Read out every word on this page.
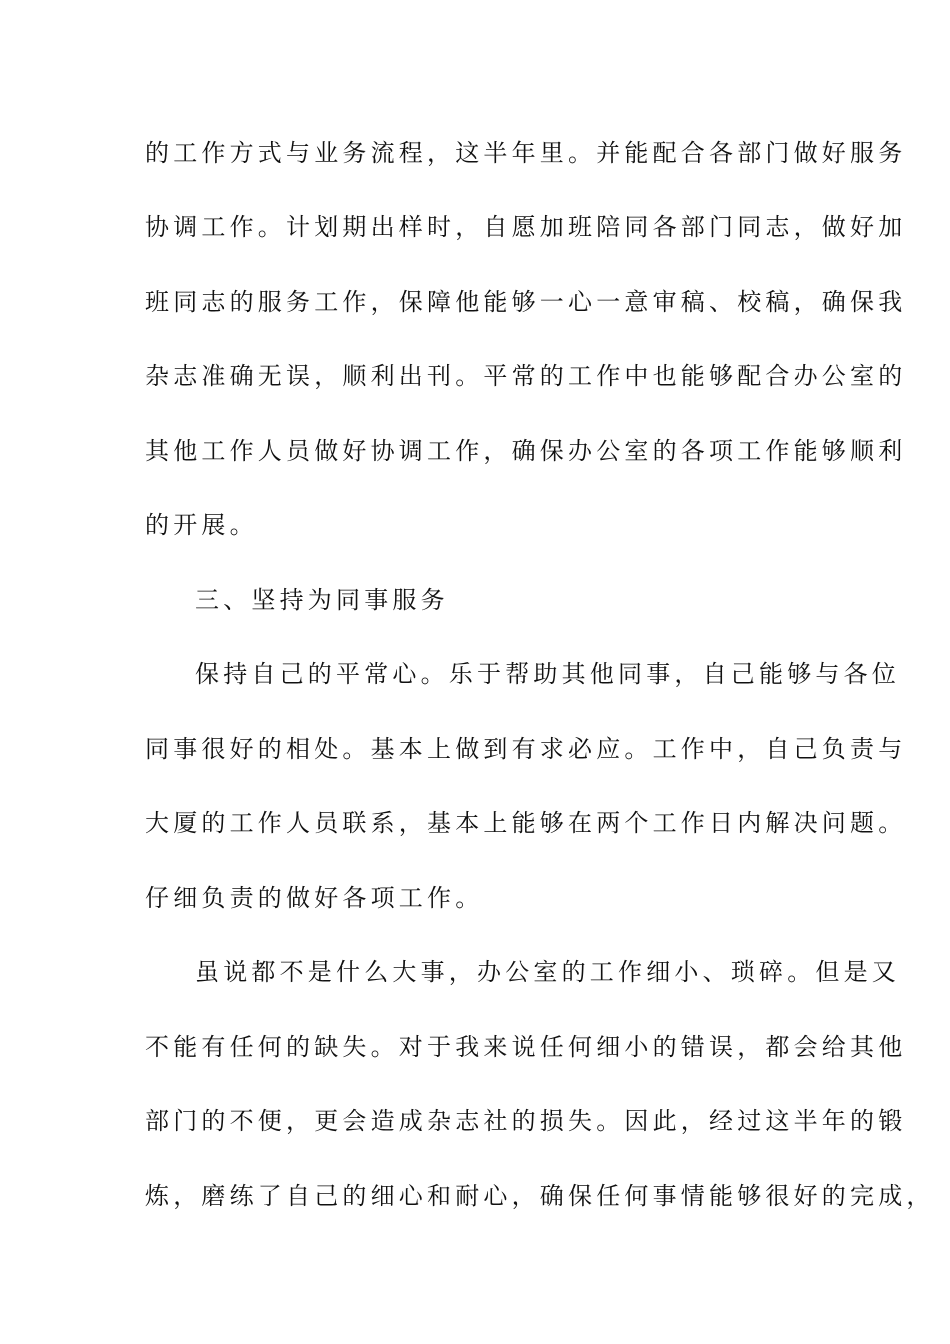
的工作方式与业务流程，这半年里。并能配合各部门做好服务
协调工作。计划期出样时，自愿加班陪同各部门同志，做好加
班同志的服务工作，保障他能够一心一意审稿、校稿，确保我
杂志准确无误，顺利出刊。平常的工作中也能够配合办公室的
其他工作人员做好协调工作，确保办公室的各项工作能够顺利
的开展。
三、坚持为同事服务
保持自己的平常心。乐于帮助其他同事，自己能够与各位
同事很好的相处。基本上做到有求必应。工作中，自己负责与
大厦的工作人员联系，基本上能够在两个工作日内解决问题。
仔细负责的做好各项工作。
虽说都不是什么大事，办公室的工作细小、琐碎。但是又
不能有任何的缺失。对于我来说任何细小的错误，都会给其他
部门的不便，更会造成杂志社的损失。因此，经过这半年的锻
炼，磨练了自己的细心和耐心，确保任何事情能够很好的完成，
